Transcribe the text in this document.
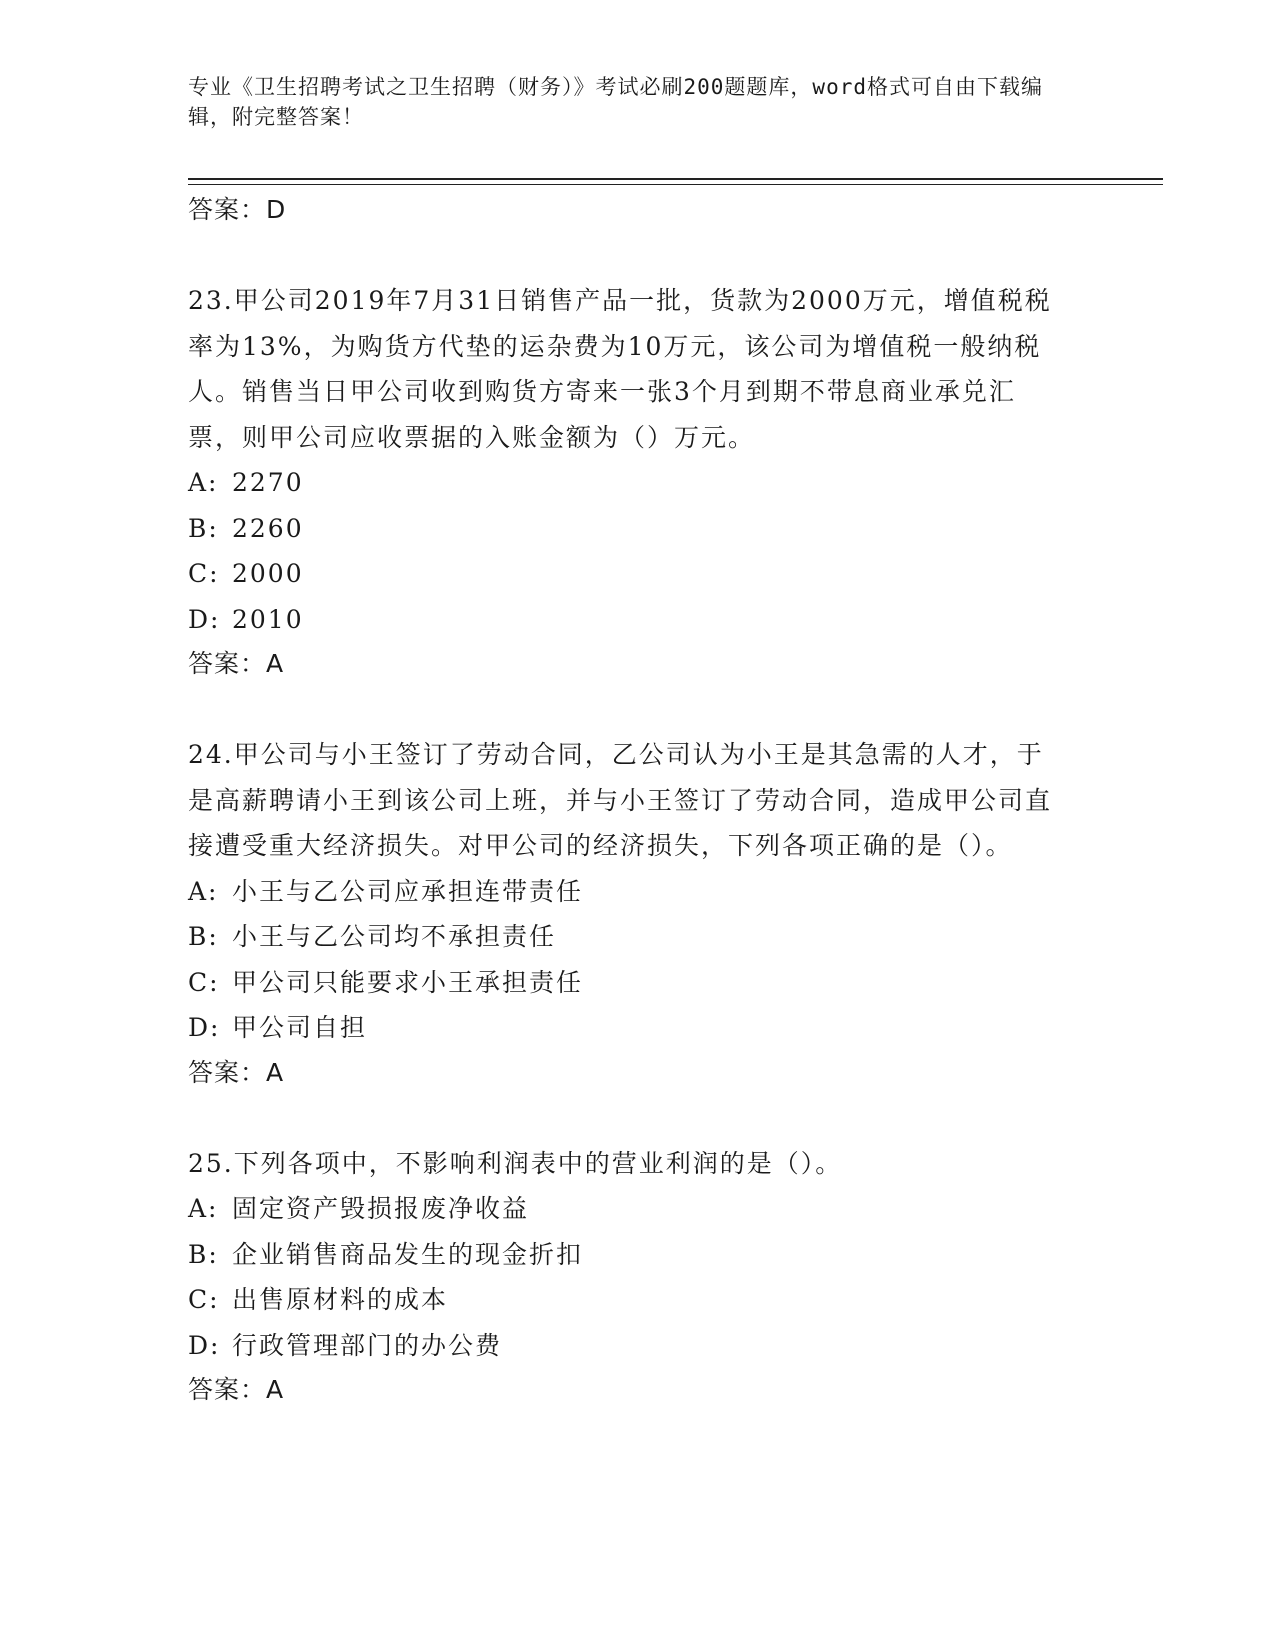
专业《卫生招聘考试之卫生招聘（财务）》考试必刷200题题库，word格式可自由下载编辑，附完整答案！
答案：D
23.甲公司2019年7月31日销售产品一批，货款为2000万元，增值税税率为13%，为购货方代垫的运杂费为10万元，该公司为增值税一般纳税人。销售当日甲公司收到购货方寄来一张3个月到期不带息商业承兑汇票，则甲公司应收票据的入账金额为（）万元。
A: 2270
B: 2260
C: 2000
D: 2010
答案：A
24.甲公司与小王签订了劳动合同，乙公司认为小王是其急需的人才，于是高薪聘请小王到该公司上班，并与小王签订了劳动合同，造成甲公司直接遭受重大经济损失。对甲公司的经济损失，下列各项正确的是（）。
A: 小王与乙公司应承担连带责任
B: 小王与乙公司均不承担责任
C: 甲公司只能要求小王承担责任
D: 甲公司自担
答案：A
25.下列各项中，不影响利润表中的营业利润的是（）。
A: 固定资产毁损报废净收益
B: 企业销售商品发生的现金折扣
C: 出售原材料的成本
D: 行政管理部门的办公费
答案：A
